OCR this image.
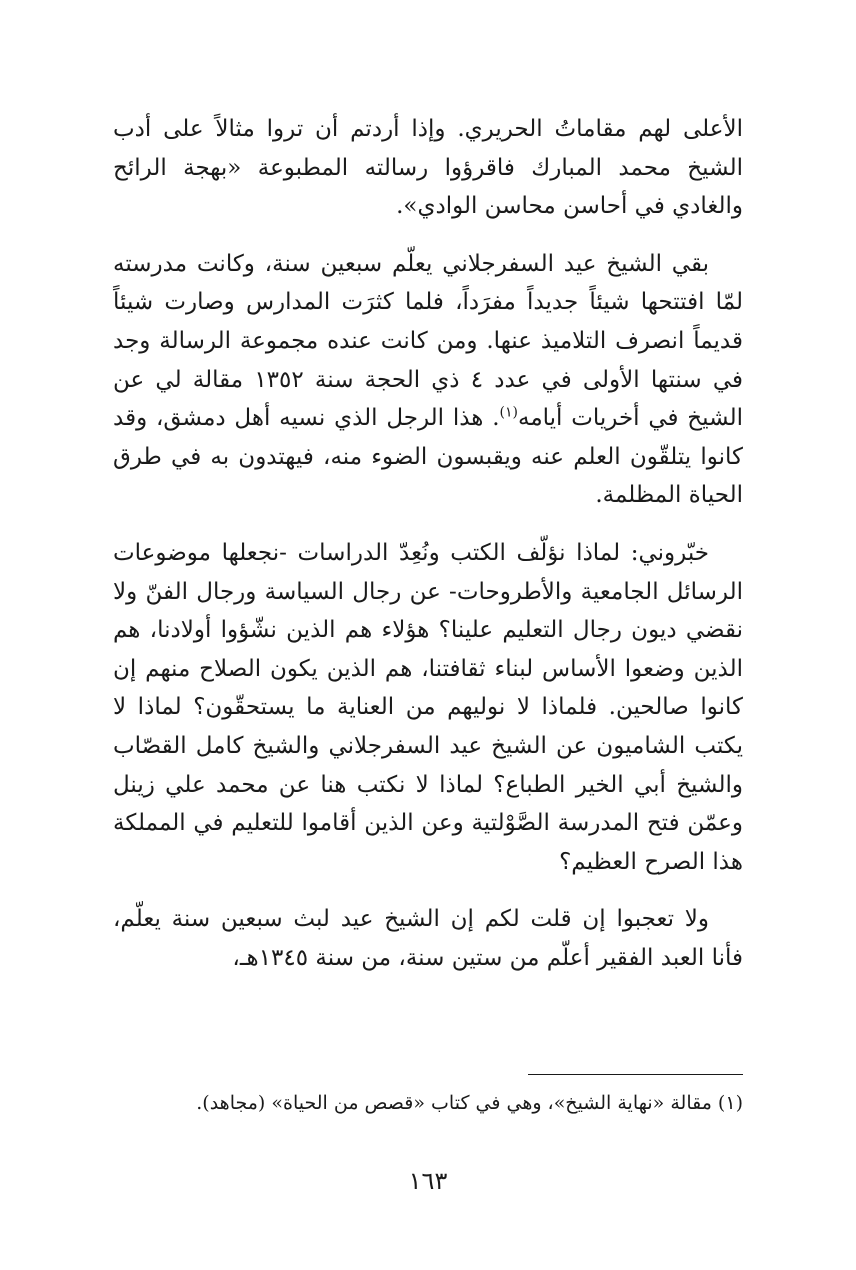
الأعلى لهم مقاماتُ الحريري. وإذا أردتم أن تروا مثالاً على أدب الشيخ محمد المبارك فاقرؤوا رسالته المطبوعة «بهجة الرائح والغادي في أحاسن محاسن الوادي».

بقي الشيخ عيد السفرجلاني يعلّم سبعين سنة، وكانت مدرسته لمّا افتتحها شيئاً جديداً مفرَداً، فلما كثرَت المدارس وصارت شيئاً قديماً انصرف التلاميذ عنها. ومن كانت عنده مجموعة الرسالة وجد في سنتها الأولى في عدد ٤ ذي الحجة سنة ١٣٥٢ مقالة لي عن الشيخ في أخريات أيامه$^{(١)}$. هذا الرجل الذي نسيه أهل دمشق، وقد كانوا يتلقّون العلم عنه ويقبسون الضوء منه، فيهتدون به في طرق الحياة المظلمة.

خبّروني: لماذا نؤلّف الكتب ونُعِدّ الدراسات -نجعلها موضوعات الرسائل الجامعية والأطروحات- عن رجال السياسة ورجال الفنّ ولا نقضي ديون رجال التعليم علينا؟ هؤلاء هم الذين نشّؤوا أولادنا، هم الذين وضعوا الأساس لبناء ثقافتنا، هم الذين يكون الصلاح منهم إن كانوا صالحين. فلماذا لا نوليهم من العناية ما يستحقّون؟ لماذا لا يكتب الشاميون عن الشيخ عيد السفرجلاني والشيخ كامل القصّاب والشيخ أبي الخير الطباع؟ لماذا لا نكتب هنا عن محمد علي زينل وعمّن فتح المدرسة الصَّوْلتية وعن الذين أقاموا للتعليم في المملكة هذا الصرح العظيم؟

ولا تعجبوا إن قلت لكم إن الشيخ عيد لبث سبعين سنة يعلّم، فأنا العبد الفقير أعلّم من ستين سنة، من سنة ١٣٤٥هـ،

(١) مقالة «نهاية الشيخ»، وهي في كتاب «قصص من الحياة» (مجاهد).
١٦٣
